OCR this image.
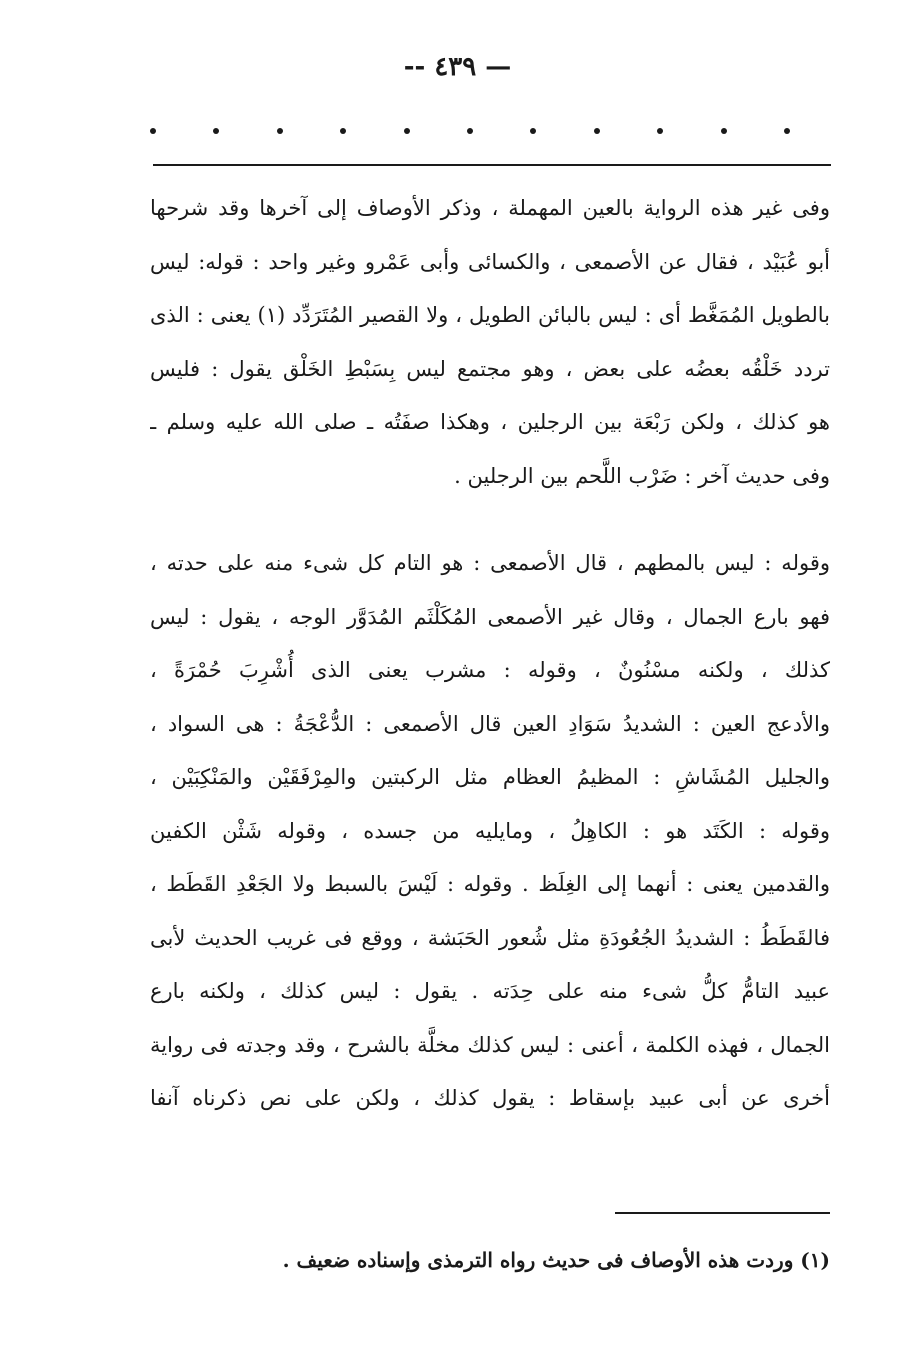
— ٤٣٩ --
وفى غير هذه الرواية بالعين المهملة ، وذكر الأوصاف إلى آخرها وقد شرحها
أبو عُبَيْد ، فقال عن الأصمعى ، والكسائى وأبى عَمْرو وغير واحد : قوله: ليس
بالطويل المُمَغَّط أى : ليس بالبائن الطويل ، ولا القصير المُتَرَدِّد (١) يعنى : الذى
تردد خَلْقُه بعضُه على بعض ، وهو مجتمع ليس بِسَبْطِ الخَلْق يقول : فليس
هو كذلك ، ولكن رَبْعَة بين الرجلين ، وهكذا صفَتُه ـ صلى الله عليه وسلم ـ
وفى حديث آخر : ضَرْب اللَّحم بين الرجلين .
وقوله : ليس بالمطهم ، قال الأصمعى : هو التام كل شىء منه على حدته ،
فهو بارع الجمال ، وقال غير الأصمعى المُكَلْثَم المُدَوَّر الوجه ، يقول : ليس
كذلك ، ولكنه مسْنُونٌ ، وقوله : مشرب يعنى الذى أُشْرِبَ حُمْرَةً ،
والأدعج العين : الشديدُ سَوَادِ العين قال الأصمعى : الدُّعْجَةُ : هى السواد ،
والجليل المُشَاشِ : المظيمُ العظام مثل الركبتين والمِرْفَقَيْن والمَنْكِبَيْن ،
وقوله : الكَتَد هو : الكاهِلُ ، ومايليه من جسده ، وقوله شَثْن الكفين
والقدمين يعنى : أنهما إلى الغِلَظ . وقوله : لَيْسَ بالسبط ولا الجَعْدِ القَطَط ،
فالقَطَطُ : الشديدُ الجُعُودَةِ مثل شُعور الحَبَشة ، ووقع فى غريب الحديث لأبى
عبيد التامُّ كلُّ شىء منه على حِدَته . يقول : ليس كذلك ، ولكنه بارع
الجمال ، فهذه الكلمة ، أعنى : ليس كذلك مخلَّة بالشرح ، وقد وجدته فى رواية
أخرى عن أبى عبيد بإسقاط : يقول كذلك ، ولكن على نص ذكرناه آنفا
(١) وردت هذه الأوصاف فى حديث رواه الترمذى وإسناده ضعيف .
